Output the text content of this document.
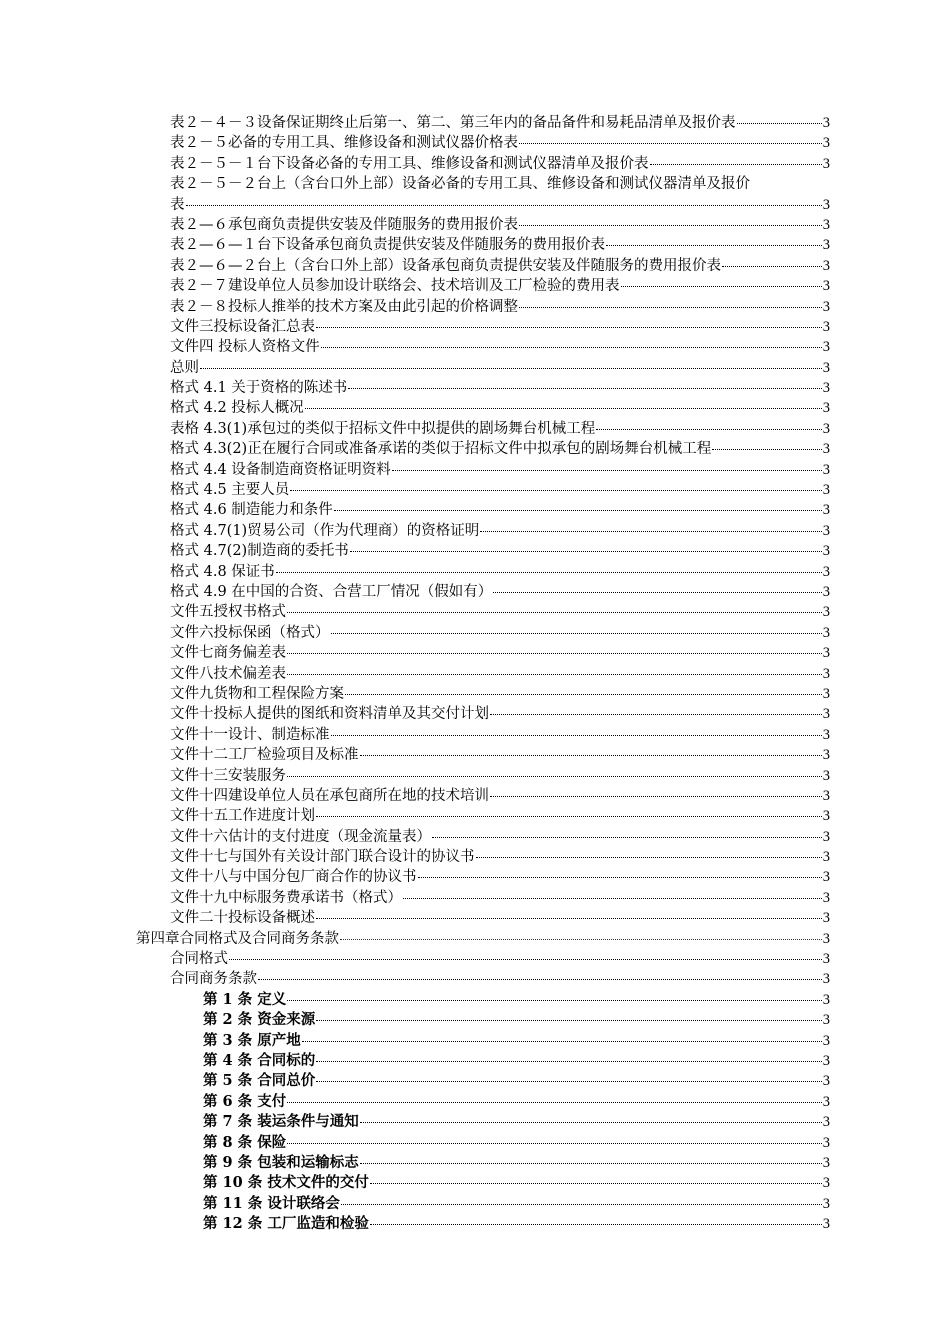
表２－４－３设备保证期终止后第一、第二、第三年内的备品备件和易耗品清单及报价表	3
表２－５必备的专用工具、维修设备和测试仪器价格表	3
表２－５－１台下设备必备的专用工具、维修设备和测试仪器清单及报价表	3
表２－５－２台上（含台口外上部）设备必备的专用工具、维修设备和测试仪器清单及报价
表	3
表２—６承包商负责提供安装及伴随服务的费用报价表	3
表２—６—１台下设备承包商负责提供安装及伴随服务的费用报价表	3
表２—６—２台上（含台口外上部）设备承包商负责提供安装及伴随服务的费用报价表	3
表２－７建设单位人员参加设计联络会、技术培训及工厂检验的费用表	3
表２－８投标人推举的技术方案及由此引起的价格调整	3
文件三投标设备汇总表	3
文件四 投标人资格文件	3
总则	3
格式 4.1 关于资格的陈述书	3
格式 4.2 投标人概况	3
表格 4.3(1)承包过的类似于招标文件中拟提供的剧场舞台机械工程	3
格式 4.3(2)正在履行合同或准备承诺的类似于招标文件中拟承包的剧场舞台机械工程	3
格式 4.4 设备制造商资格证明资料	3
格式 4.5 主要人员	3
格式 4.6 制造能力和条件	3
格式 4.7(1)贸易公司（作为代理商）的资格证明	3
格式 4.7(2)制造商的委托书	3
格式 4.8 保证书	3
格式 4.9 在中国的合资、合营工厂情况（假如有）	3
文件五授权书格式	3
文件六投标保函（格式）	3
文件七商务偏差表	3
文件八技术偏差表	3
文件九货物和工程保险方案	3
文件十投标人提供的图纸和资料清单及其交付计划	3
文件十一设计、制造标准	3
文件十二工厂检验项目及标准	3
文件十三安装服务	3
文件十四建设单位人员在承包商所在地的技术培训	3
文件十五工作进度计划	3
文件十六估计的支付进度（现金流量表）	3
文件十七与国外有关设计部门联合设计的协议书	3
文件十八与中国分包厂商合作的协议书	3
文件十九中标服务费承诺书（格式）	3
文件二十投标设备概述	3
第四章合同格式及合同商务条款	3
合同格式	3
合同商务条款	3
第 1 条 定义	3
第 2 条 资金来源	3
第 3 条 原产地	3
第 4 条 合同标的	3
第 5 条 合同总价	3
第 6 条 支付	3
第 7 条 装运条件与通知	3
第 8 条 保险	3
第 9 条 包装和运输标志	3
第 10 条 技术文件的交付	3
第 11 条 设计联络会	3
第 12 条 工厂监造和检验	3
